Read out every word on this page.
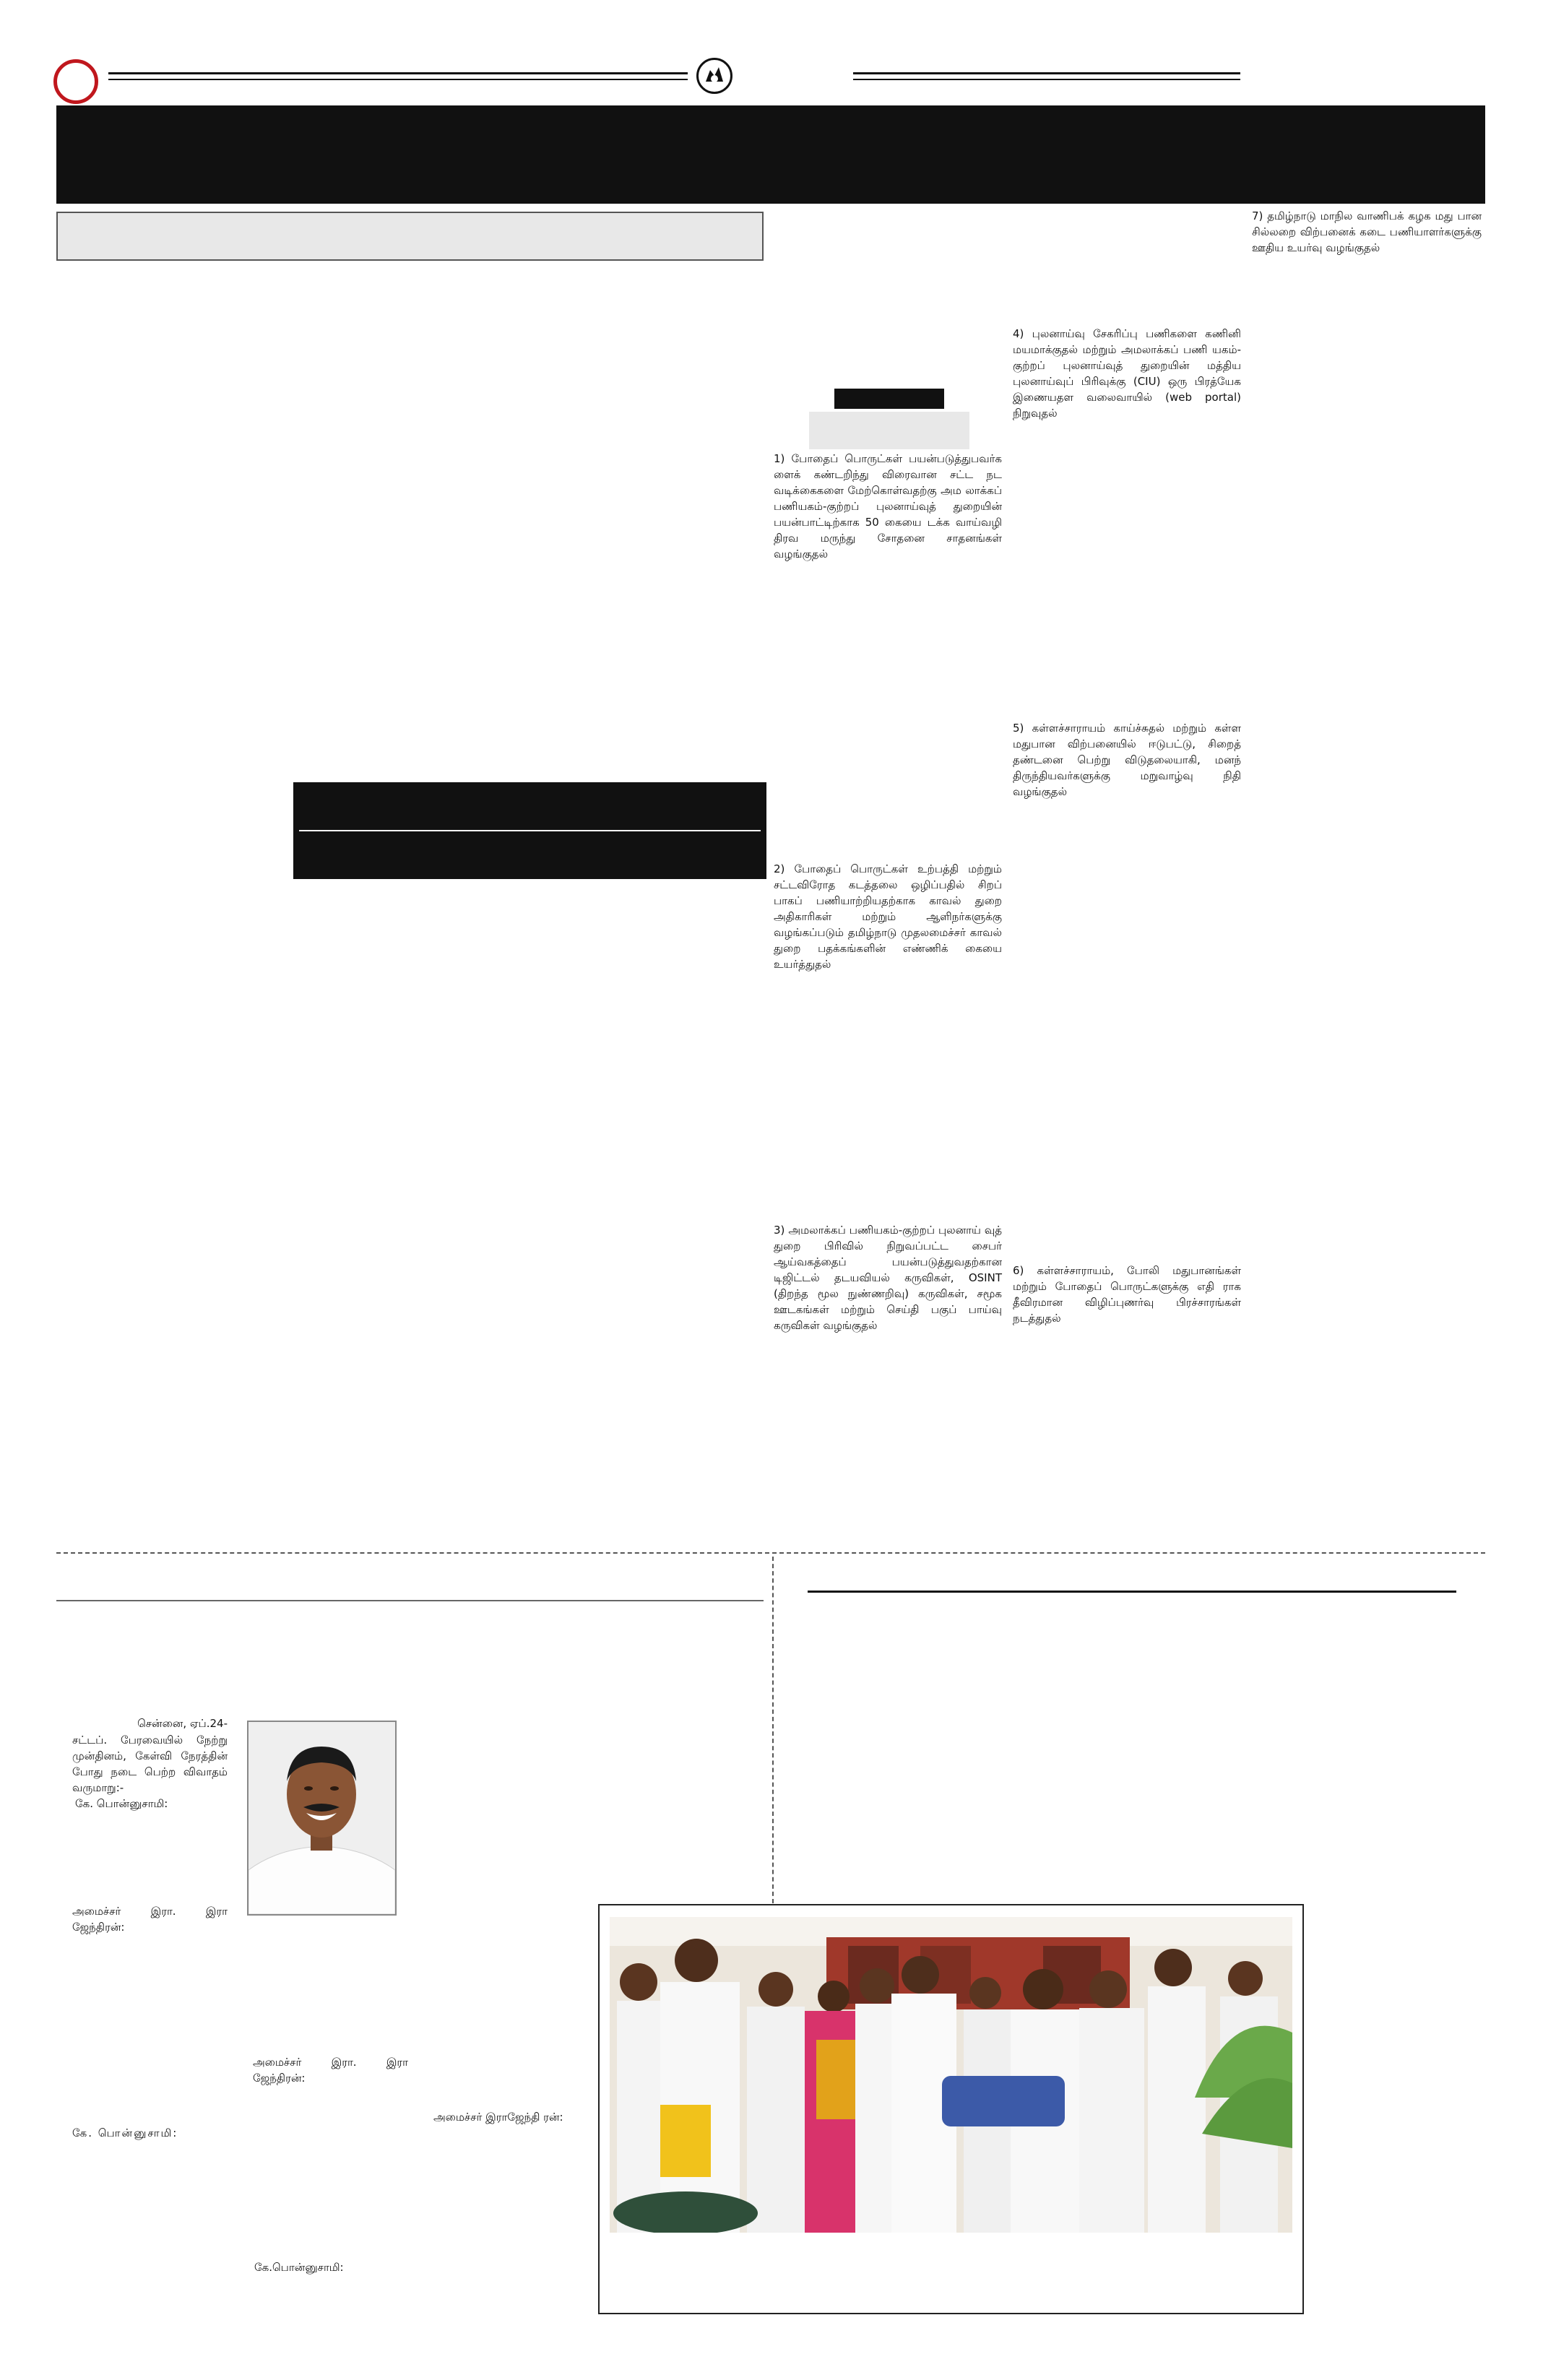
7) தமிழ்நாடு மாநில வாணிபக் கழக மது பான சில்லறை விற்பனைக் கடை பணியாளர்களுக்கு ஊதிய உயர்வு வழங்குதல்
4) புலனாய்வு சேகரிப்பு பணிகளை கணினி மயமாக்குதல் மற்றும் அமலாக்கப் பணி யகம்-குற்றப் புலனாய்வுத் துறையின் மத்திய புலனாய்வுப் பிரிவுக்கு (CIU) ஒரு பிரத்யேக இணையதள வலைவாயில் (web portal) நிறுவுதல்
1) போதைப் பொருட்கள் பயன்படுத்துபவர்க ளைக் கண்டறிந்து விரைவான சட்ட நட வடிக்கைகளை மேற்கொள்வதற்கு அம லாக்கப் பணியகம்-குற்றப் புலனாய்வுத் துறையின் பயன்பாட்டிற்காக 50 கையை டக்க வாய்வழி திரவ மருந்து சோதனை சாதனங்கள் வழங்குதல்
5) கள்ளச்சாராயம் காய்ச்சுதல் மற்றும் கள்ள மதுபான விற்பனையில் ஈடுபட்டு, சிறைத் தண்டனை பெற்று விடுதலையாகி, மனந் திருந்தியவர்களுக்கு மறுவாழ்வு நிதி வழங்குதல்
2) போதைப் பொருட்கள் உற்பத்தி மற்றும் சட்டவிரோத கடத்தலை ஒழிப்பதில் சிறப் பாகப் பணியாற்றியதற்காக காவல் துறை அதிகாரிகள் மற்றும் ஆளிநர்களுக்கு வழங்கப்படும் தமிழ்நாடு முதலமைச்சர் காவல் துறை பதக்கங்களின் எண்ணிக் கையை உயர்த்துதல்
3) அமலாக்கப் பணியகம்-குற்றப் புலனாய் வுத் துறை பிரிவில் நிறுவப்பட்ட சைபர் ஆய்வகத்தைப் பயன்படுத்துவதற்கான டிஜிட்டல் தடயவியல் கருவிகள், OSINT (திறந்த மூல நுண்ணறிவு) கருவிகள், சமூக ஊடகங்கள் மற்றும் செய்தி பகுப் பாய்வு கருவிகள் வழங்குதல்
6) கள்ளச்சாராயம், போலி மதுபானங்கள் மற்றும் போதைப் பொருட்களுக்கு எதி ராக தீவிரமான விழிப்புணர்வு பிரச்சாரங்கள் நடத்துதல்
சென்னை, ஏப்.24-
சட்டப். பேரவையில் நேற்று முன்தினம், கேள்வி நேரத்தின் போது நடை பெற்ற விவாதம் வருமாறு:-
கே. பொன்னுசாமி:
அமைச்சர் இரா. இரா ஜேந்திரன்:
அமைச்சர் இரா. இரா ஜேந்திரன்:
கே. பொன்னுசாமி:
அமைச்சர் இராஜேந்தி ரன்:
கே.பொன்னுசாமி:
